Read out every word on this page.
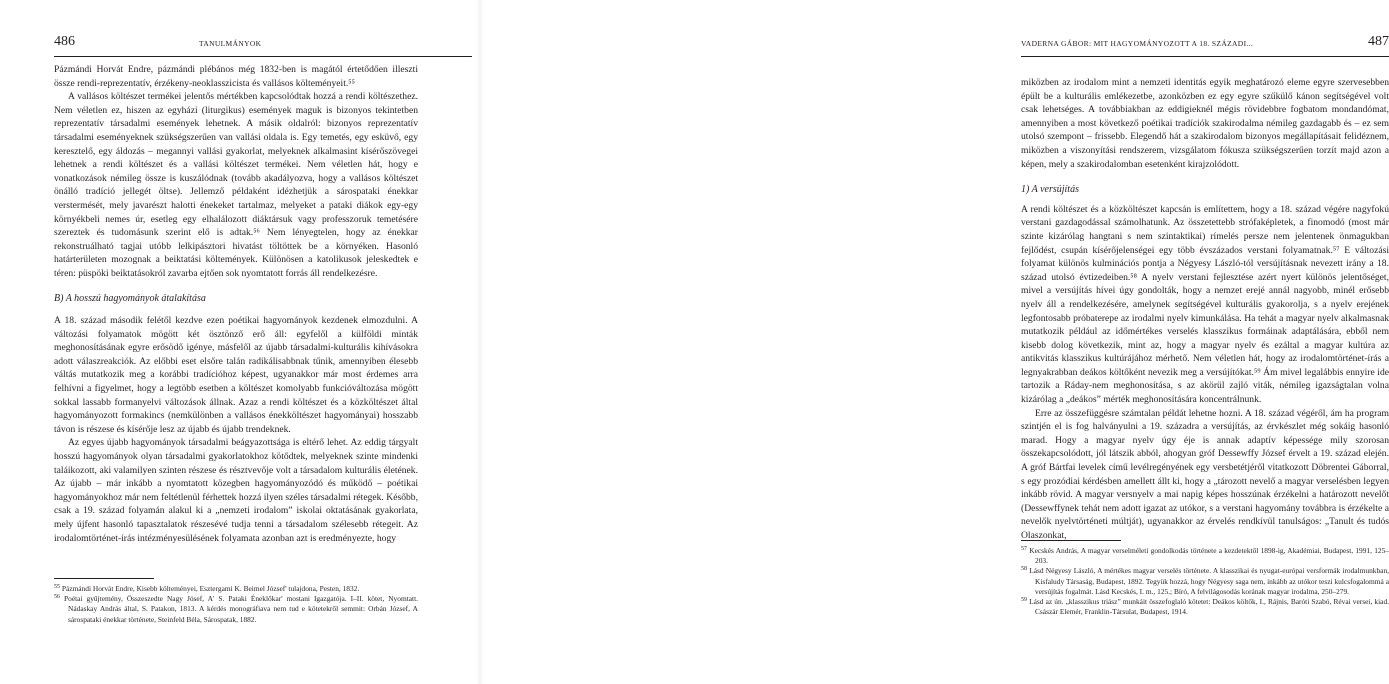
486	TANULMÁNYOK

Pázmándi Horvát Endre, pázmándi plébános még 1832-ben is magától értetődően illeszti össze rendi-reprezentatív, érzékeny-neoklasszicista és vallásos költeményeit.⁵⁵

A vallásos költészet termékei jelentős mértékben kapcsolódtak hozzá a rendi költészethez. Nem véletlen ez, hiszen az egyházi (liturgikus) események maguk is bizonyos tekintetben reprezentatív társadalmi események lehetnek. A másik oldalról: bizonyos reprezentatív társadalmi eseményeknek szükségszerűen van vallási oldala is. Egy temetés, egy esküvő, egy keresztelő, egy áldozás – megannyi vallási gyakorlat, melyeknek alkalmasint kísérőszövegei lehetnek a rendi költészet és a vallási költészet termékei. Nem véletlen hát, hogy e vonatkozások némileg össze is kuszálódnak (tovább akadályozva, hogy a vallásos költészet önálló tradíció jellegét öltse). Jellemző példaként idézhetjük a sárospataki énekkar verstermését, mely javarészt halotti énekeket tartalmaz, melyeket a pataki diákok egy-egy környékbeli nemes úr, esetleg egy elhalálozott diáktársuk vagy professzoruk temetésére szereztek és tudomásunk szerint elő is adtak.⁵⁶ Nem lényegtelen, hogy az énekkar rekonstruálható tagjai utóbb lelkipásztori hivatást töltöttek be a környéken. Hasonló határterületen mozognak a beiktatási költemények. Különösen a katolikusok jeleskedtek e téren: püspöki beiktatásokról zavarba ejtően sok nyomtatott forrás áll rendelkezésre.

B) A hosszú hagyományok átalakítása

A 18. század második felétől kezdve ezen poétikai hagyományok kezdenek elmozdulni. A változási folyamatok mögött két ösztönző erő áll: egyfelől a külföldi minták meghonosításának egyre erősödő igénye, másfelől az újabb társadalmi-kulturális kihívásokra adott válaszreakciók. Az előbbi eset elsőre talán radikálisabbnak tűnik, amennyiben élesebb váltás mutatkozik meg a korábbi tradícióhoz képest, ugyanakkor már most érdemes arra felhívni a figyelmet, hogy a legtöbb esetben a költészet komolyabb funkcióváltozása mögött sokkal lassabb formanyelvi változások állnak. Azaz a rendi költészet és a közköltészet által hagyományozott formakincs (nemkülönben a vallásos énekköltészet hagyományai) hosszabb távon is részese és kísérője lesz az újabb és újabb trendeknek.

Az egyes újabb hagyományok társadalmi beágyazottsága is eltérő lehet. Az eddig tárgyalt hosszú hagyományok olyan társadalmi gyakorlatokhoz kötődtek, melyeknek szinte mindenki taláikozott, aki valamilyen szinten részese és résztvevője volt a társadalom kulturális életének. Az újabb – már inkább a nyomtatott közegben hagyományozódó és működő – poétikai hagyományokhoz már nem feltétlenül férhettek hozzá ilyen széles társadalmi rétegek. Később, csak a 19. század folyamán alakul ki a „nemzeti irodalom” iskolai oktatásának gyakorlata, mely újfent hasonló tapasztalatok részesévé tudja tenni a társadalom szélesebb rétegeit. Az irodalomtörténet-írás intézményesülésének folyamata azonban azt is eredményezte, hogy

$^{55}$ Pázmándi Horvát Endre, Kisebb költeményei, Esztergami K. Beimel József' tulajdona, Pesten, 1832.

$^{56}$ Poétai gyűjtemény, Összeszedte Nagy Jósef, A' S. Pataki Éneklőkar' mostani Igazgatója. I–II. kötet, Nyomtatt. Nádaskay András által, S. Patakon, 1813. A kérdés monográfiava nem tud e kötetekről semmit: Orbán József, A sárospataki énekkar története, Steinfeld Béla, Sárospatak, 1882.

VADERNA GÁBOR: MIT HAGYOMÁNYOZOTT A 18. SZÁZADI...	487

miközben az irodalom mint a nemzeti identitás egyik meghatározó eleme egyre szervesebben épült be a kulturális emlékezetbe, azonközben ez egy egyre szűkülő kánon segítségével volt csak lehetséges. A továbbiakban az eddigieknél mégis rövidebbre fogbatom mondandómat, amennyiben a most következő poétikai tradíciók szakirodalma némileg gazdagabb és – ez sem utolsó szempont – frissebb. Elegendő hát a szakirodalom bizonyos megállapításait felidéznem, miközben a viszonyítási rendszerem, vizsgálatom fókusza szükségszerűen torzít majd azon a képen, mely a szakirodalomban esetenként kirajzolódott.

1) A versújítás

A rendi költészet és a közköltészet kapcsán is említettem, hogy a 18. század végére nagyfokú verstani gazdagodással számolhatunk. Az összetettebb strófaképletek, a finomodó (most már szinte kizárólag hangtani s nem szintaktikai) rímelés persze nem jelentenek önmagukban fejlődést, csupán kísérőjelenségei egy több évszázados verstani folyamatnak.⁵⁷ E változási folyamat különös kulminációs pontja a Négyesy László-tól versújításnak nevezett irány a 18. század utolsó évtizedeiben.⁵⁸ A nyelv verstani fejlesztése azért nyert különös jelentőséget, mivel a versújítás hívei úgy gondolták, hogy a nemzet erejé annál nagyobb, minél erősebb nyelv áll a rendelkezésére, amelynek segítségével kulturális gyakorolja, s a nyelv erejének legfontosabb próbaterepe az irodalmi nyelv kimunkálása. Ha tehát a magyar nyelv alkalmasnak mutatkozik például az időmértékes verselés klasszikus formáinak adaptálására, ebből nem kisebb dolog következik, mint az, hogy a magyar nyelv és ezáltal a magyar kultúra az antikvitás klasszikus kultúrájához mérhető. Nem véletlen hát, hogy az irodalomtörténet-írás a legnyakrabban deákos költőként nevezik meg a versújítókat.⁵⁹ Ám mivel legalábbis ennyire ide tartozik a Ráday-nem meghonosítása, s az akörül zajló viták, némileg igazságtalan volna kizárólag a „deákos” mérték meghonosítására koncentrálnunk.

Erre az összefüggésre számtalan példát lehetne hozni. A 18. század végéről, ám ha program szintjén el is fog halványulni a 19. századra a versújítás, az érvkészlet még sokáig hasonló marad. Hogy a magyar nyelv úgy éje is annak adaptív képessége mily szorosan összekapcsolódott, jól látszik abból, ahogyan gróf Dessewffy József érvelt a 19. század elején. A gróf Bártfai levelek című levélregényének egy versbetétjéről vitatkozott Döbrentei Gáborral, s egy prozódiai kérdésben amellett állt ki, hogy a „tározott nevelő a magyar verselésben legyen inkább rövid. A magyar versnyelv a mai napig képes hosszúnak érzékelni a határozott nevelőt (Dessewffynek tehát nem adott igazat az utókor, s a verstani hagyomány továbbra is érzékelte a nevelők nyelvtörténeti múltját), ugyanakkor az érvelés rendkívül tanulságos: „Tanult és tudós Olaszonkat,

$^{57}$ Kecskés András, A magyar verselméleti gondolkodás története a kezdetektől 1898-ig, Akadémiai, Budapest, 1991, 125–203.

$^{58}$ Lásd Négyesy László, A mértékes magyar verselés története. A klasszikai és nyugat-európai versformák irodalmunkban, Kisfaludy Társaság, Budapest, 1892. Tegyük hozzá, hogy Négyesy saga nem, inkább az utókor teszi kulcsfogalommá a versújítás fogalmát. Lásd Kecskés, I. m., 125.; Bíró, A felvilágosodás korának magyar irodalma, 250–279.

$^{59}$ Lásd az ún. „klasszikus triász” munkáit összefoglaló kötetet: Deákos költők, I., Rájnis, Baróti Szabó, Révai versei, kiad. Császár Elemér, Franklin-Társulat, Budapest, 1914.
